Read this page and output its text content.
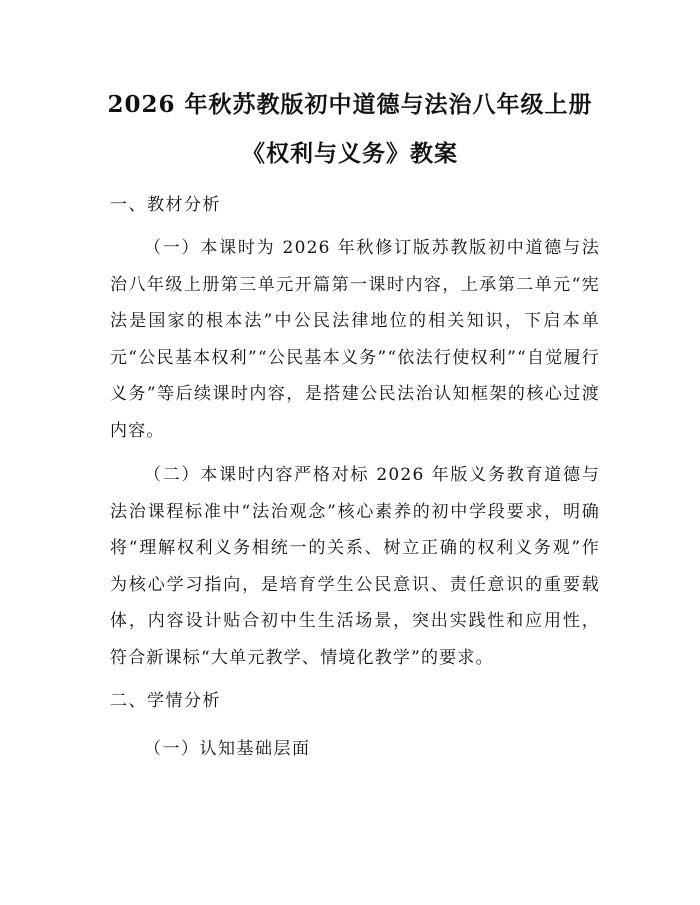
2026 年秋苏教版初中道德与法治八年级上册
《权利与义务》教案
一、教材分析

（一）本课时为 2026 年秋修订版苏教版初中道德与法治八年级上册第三单元开篇第一课时内容，上承第二单元“宪法是国家的根本法”中公民法律地位的相关知识，下启本单元“公民基本权利”“公民基本义务”“依法行使权利”“自觉履行义务”等后续课时内容，是搭建公民法治认知框架的核心过渡内容。

（二）本课时内容严格对标 2026 年版义务教育道德与法治课程标准中“法治观念”核心素养的初中学段要求，明确将“理解权利义务相统一的关系、树立正确的权利义务观”作为核心学习指向，是培育学生公民意识、责任意识的重要载体，内容设计贴合初中生生活场景，突出实践性和应用性，符合新课标“大单元教学、情境化教学”的要求。

二、学情分析
（一）认知基础层面
